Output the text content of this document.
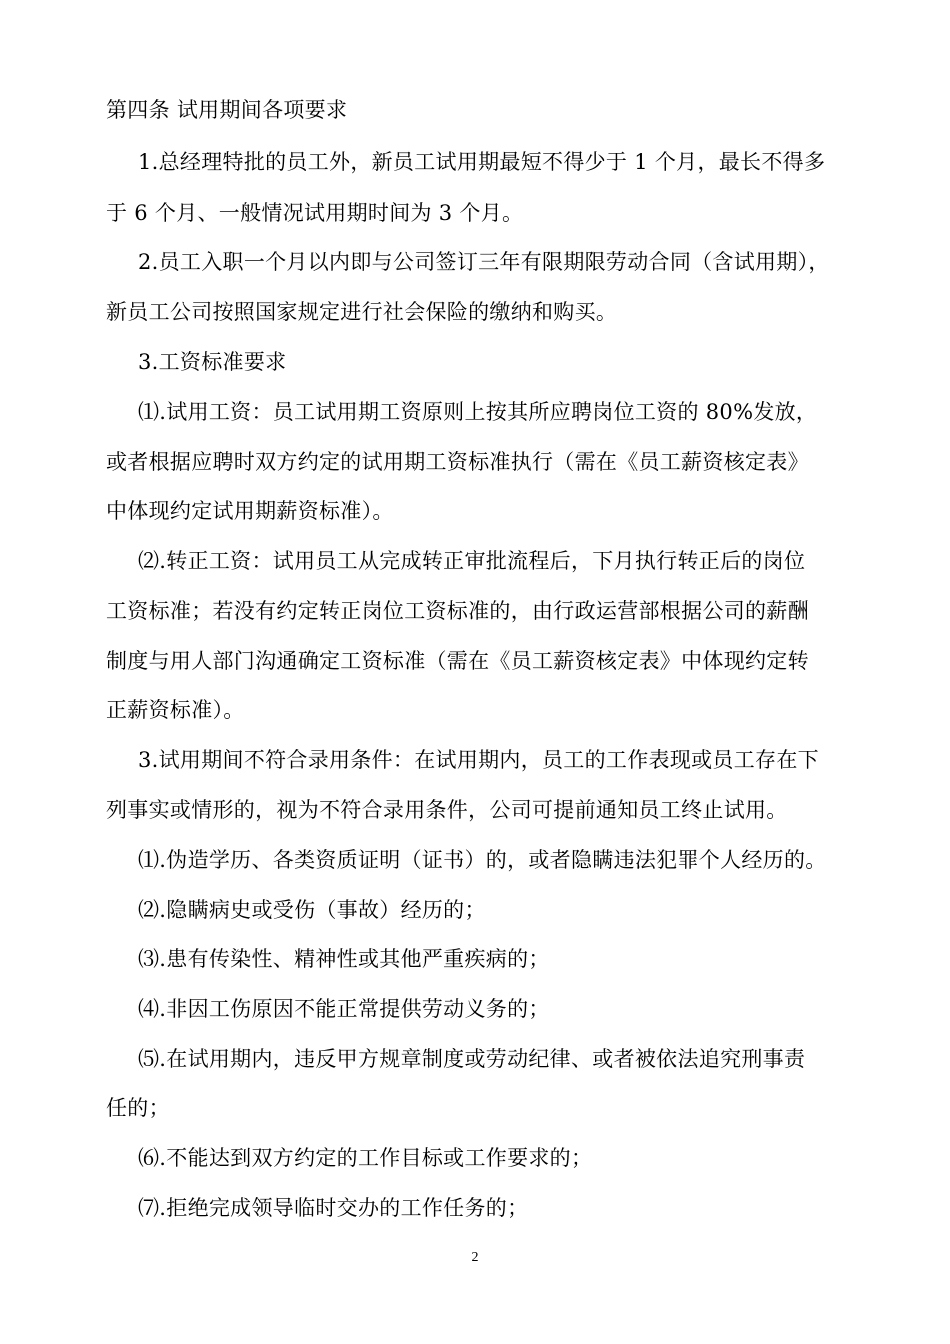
第四条 试用期间各项要求
1.总经理特批的员工外，新员工试用期最短不得少于 1 个月，最长不得多
于 6 个月、一般情况试用期时间为 3 个月。
2.员工入职一个月以内即与公司签订三年有限期限劳动合同（含试用期），
新员工公司按照国家规定进行社会保险的缴纳和购买。
3.工资标准要求
⑴.试用工资：员工试用期工资原则上按其所应聘岗位工资的 80%发放，
或者根据应聘时双方约定的试用期工资标准执行（需在《员工薪资核定表》
中体现约定试用期薪资标准）。
⑵.转正工资：试用员工从完成转正审批流程后，下月执行转正后的岗位
工资标准；若没有约定转正岗位工资标准的，由行政运营部根据公司的薪酬
制度与用人部门沟通确定工资标准（需在《员工薪资核定表》中体现约定转
正薪资标准）。
3.试用期间不符合录用条件：在试用期内，员工的工作表现或员工存在下
列事实或情形的，视为不符合录用条件，公司可提前通知员工终止试用。
⑴.伪造学历、各类资质证明（证书）的，或者隐瞒违法犯罪个人经历的。
⑵.隐瞒病史或受伤（事故）经历的；
⑶.患有传染性、精神性或其他严重疾病的；
⑷.非因工伤原因不能正常提供劳动义务的；
⑸.在试用期内，违反甲方规章制度或劳动纪律、或者被依法追究刑事责
任的；
⑹.不能达到双方约定的工作目标或工作要求的；
⑺.拒绝完成领导临时交办的工作任务的；
2
